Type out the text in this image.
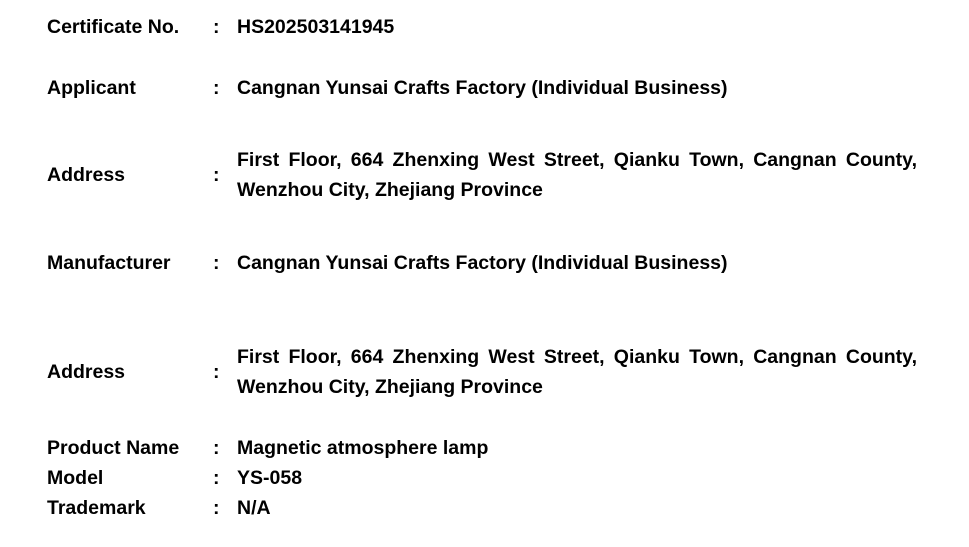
Certificate No.	: HS202503141945
Applicant	: Cangnan Yunsai Crafts Factory (Individual Business)
Address	:
First Floor, 664 Zhenxing West Street, Qianku Town, Cangnan County,
Wenzhou City, Zhejiang Province
Manufacturer	: Cangnan Yunsai Crafts Factory (Individual Business)
Address	:
First Floor, 664 Zhenxing West Street, Qianku Town, Cangnan County,
Wenzhou City, Zhejiang Province
Product Name	: Magnetic atmosphere lamp
Model	: YS-058
Trademark	: N/A
